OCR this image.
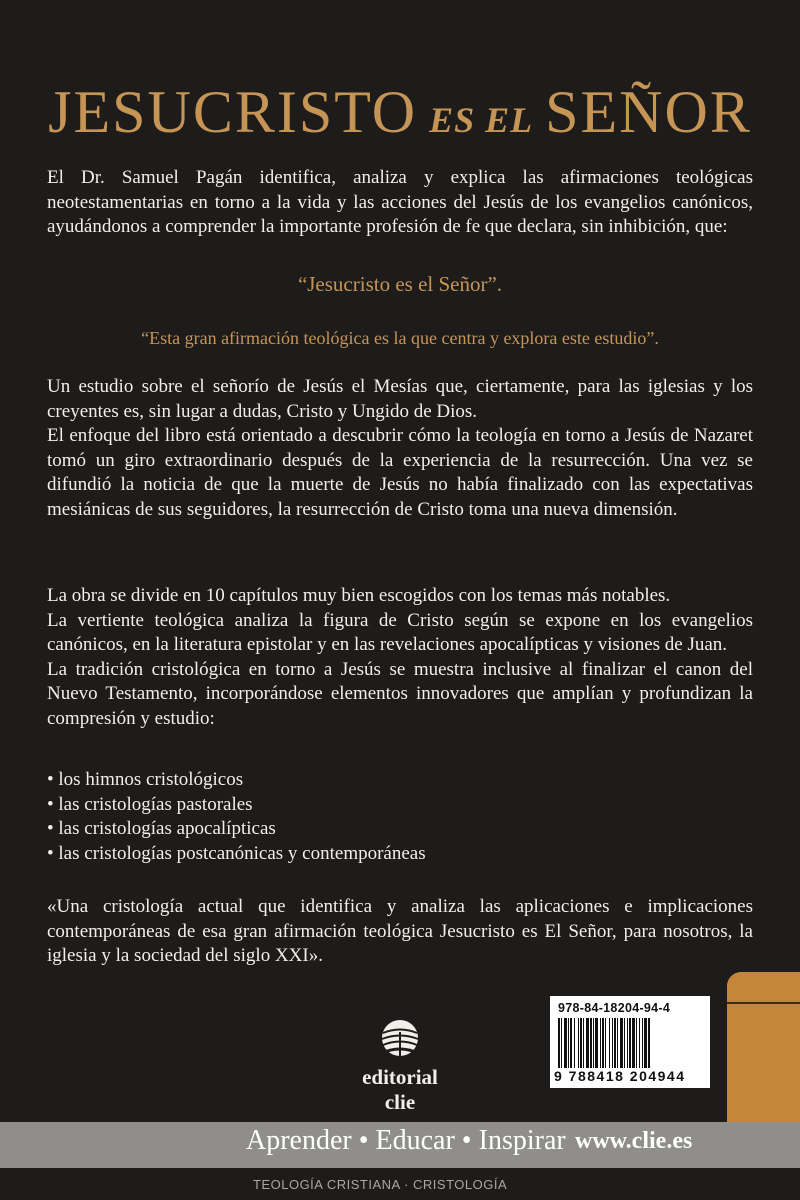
JESUCRISTO ES EL SEÑOR

El Dr. Samuel Pagán identifica, analiza y explica las afirmaciones teológicas neotestamentarias en torno a la vida y las acciones del Jesús de los evangelios canónicos, ayudándonos a comprender la importante profesión de fe que declara, sin inhibición, que:

“Jesucristo es el Señor”.
“Esta gran afirmación teológica es la que centra y explora este estudio”.

Un estudio sobre el señorío de Jesús el Mesías que, ciertamente, para las iglesias y los creyentes es, sin lugar a dudas, Cristo y Ungido de Dios.

El enfoque del libro está orientado a descubrir cómo la teología en torno a Jesús de Nazaret tomó un giro extraordinario después de la experiencia de la resurrección. Una vez se difundió la noticia de que la muerte de Jesús no había finalizado con las expectativas mesiánicas de sus seguidores, la resurrección de Cristo toma una nueva dimensión.

La obra se divide en 10 capítulos muy bien escogidos con los temas más notables.

La vertiente teológica analiza la figura de Cristo según se expone en los evangelios canónicos, en la literatura epistolar y en las revelaciones apocalípticas y visiones de Juan.

La tradición cristológica en torno a Jesús se muestra inclusive al finalizar el canon del Nuevo Testamento, incorporándose elementos innovadores que amplían y profundizan la compresión y estudio:

• los himnos cristológicos
• las cristologías pastorales
• las cristologías apocalípticas
• las cristologías postcanónicas y contemporáneas

«Una cristología actual que identifica y analiza las aplicaciones e implicaciones contemporáneas de esa gran afirmación teológica Jesucristo es El Señor, para nosotros, la iglesia y la sociedad del siglo XXI».

editorial clie
978-84-18204-94-4
9 788418 204944
Aprender • Educar • Inspirar www.clie.es
TEOLOGÍA CRISTIANA · CRISTOLOGÍA
